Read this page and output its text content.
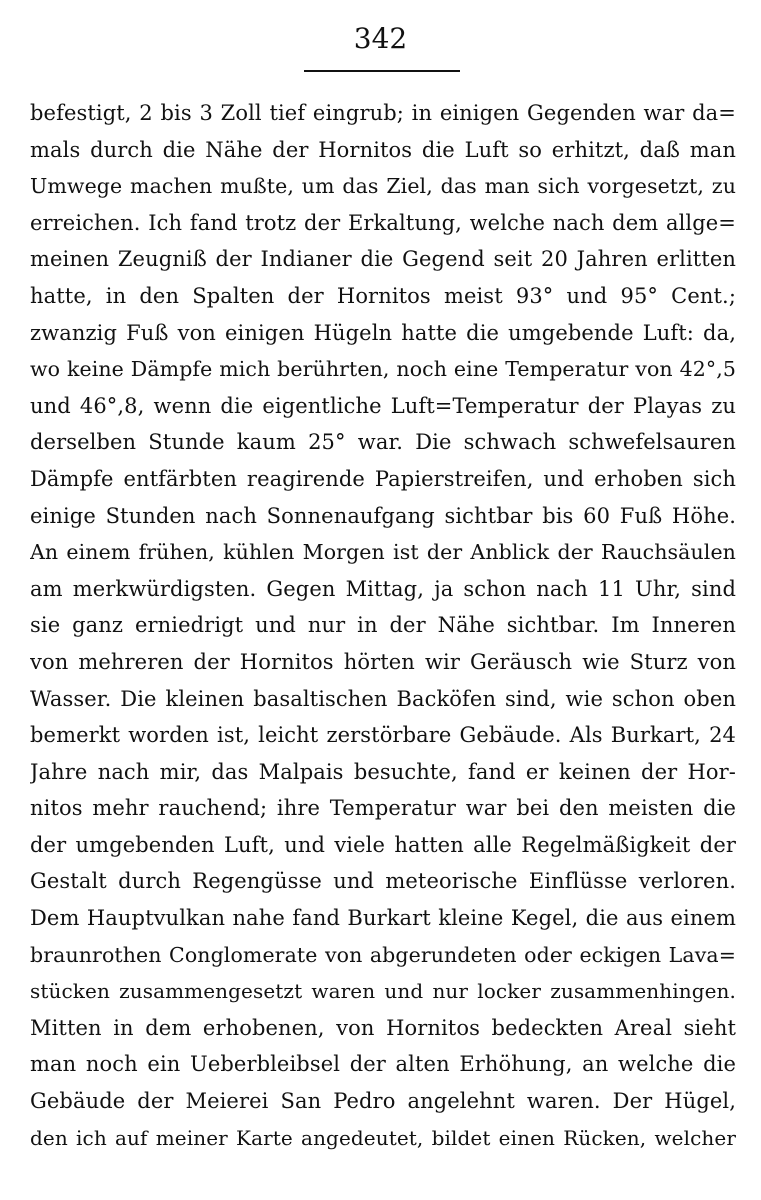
342
befestigt, 2 bis 3 Zoll tief eingrub; in einigen Gegenden war da=
mals durch die Nähe der Hornitos die Luft so erhitzt, daß man
Umwege machen mußte, um das Ziel, das man sich vorgesetzt, zu
erreichen. Ich fand trotz der Erkaltung, welche nach dem allge=
meinen Zeugniß der Indianer die Gegend seit 20 Jahren erlitten
hatte, in den Spalten der Hornitos meist 93° und 95° Cent.;
zwanzig Fuß von einigen Hügeln hatte die umgebende Luft: da,
wo keine Dämpfe mich berührten, noch eine Temperatur von 42°,5
und 46°,8, wenn die eigentliche Luft=Temperatur der Playas zu
derselben Stunde kaum 25° war. Die schwach schwefelsauren
Dämpfe entfärbten reagirende Papierstreifen, und erhoben sich
einige Stunden nach Sonnenaufgang sichtbar bis 60 Fuß Höhe.
An einem frühen, kühlen Morgen ist der Anblick der Rauchsäulen
am merkwürdigsten. Gegen Mittag, ja schon nach 11 Uhr, sind
sie ganz erniedrigt und nur in der Nähe sichtbar. Im Inneren
von mehreren der Hornitos hörten wir Geräusch wie Sturz von
Wasser. Die kleinen basaltischen Backöfen sind, wie schon oben
bemerkt worden ist, leicht zerstörbare Gebäude. Als Burkart, 24
Jahre nach mir, das Malpais besuchte, fand er keinen der Hor-
nitos mehr rauchend; ihre Temperatur war bei den meisten die
der umgebenden Luft, und viele hatten alle Regelmäßigkeit der
Gestalt durch Regengüsse und meteorische Einflüsse verloren.
Dem Hauptvulkan nahe fand Burkart kleine Kegel, die aus einem
braunrothen Conglomerate von abgerundeten oder eckigen Lava=
stücken zusammengesetzt waren und nur locker zusammenhingen.
Mitten in dem erhobenen, von Hornitos bedeckten Areal sieht
man noch ein Ueberbleibsel der alten Erhöhung, an welche die
Gebäude der Meierei San Pedro angelehnt waren. Der Hügel,
den ich auf meiner Karte angedeutet, bildet einen Rücken, welcher
